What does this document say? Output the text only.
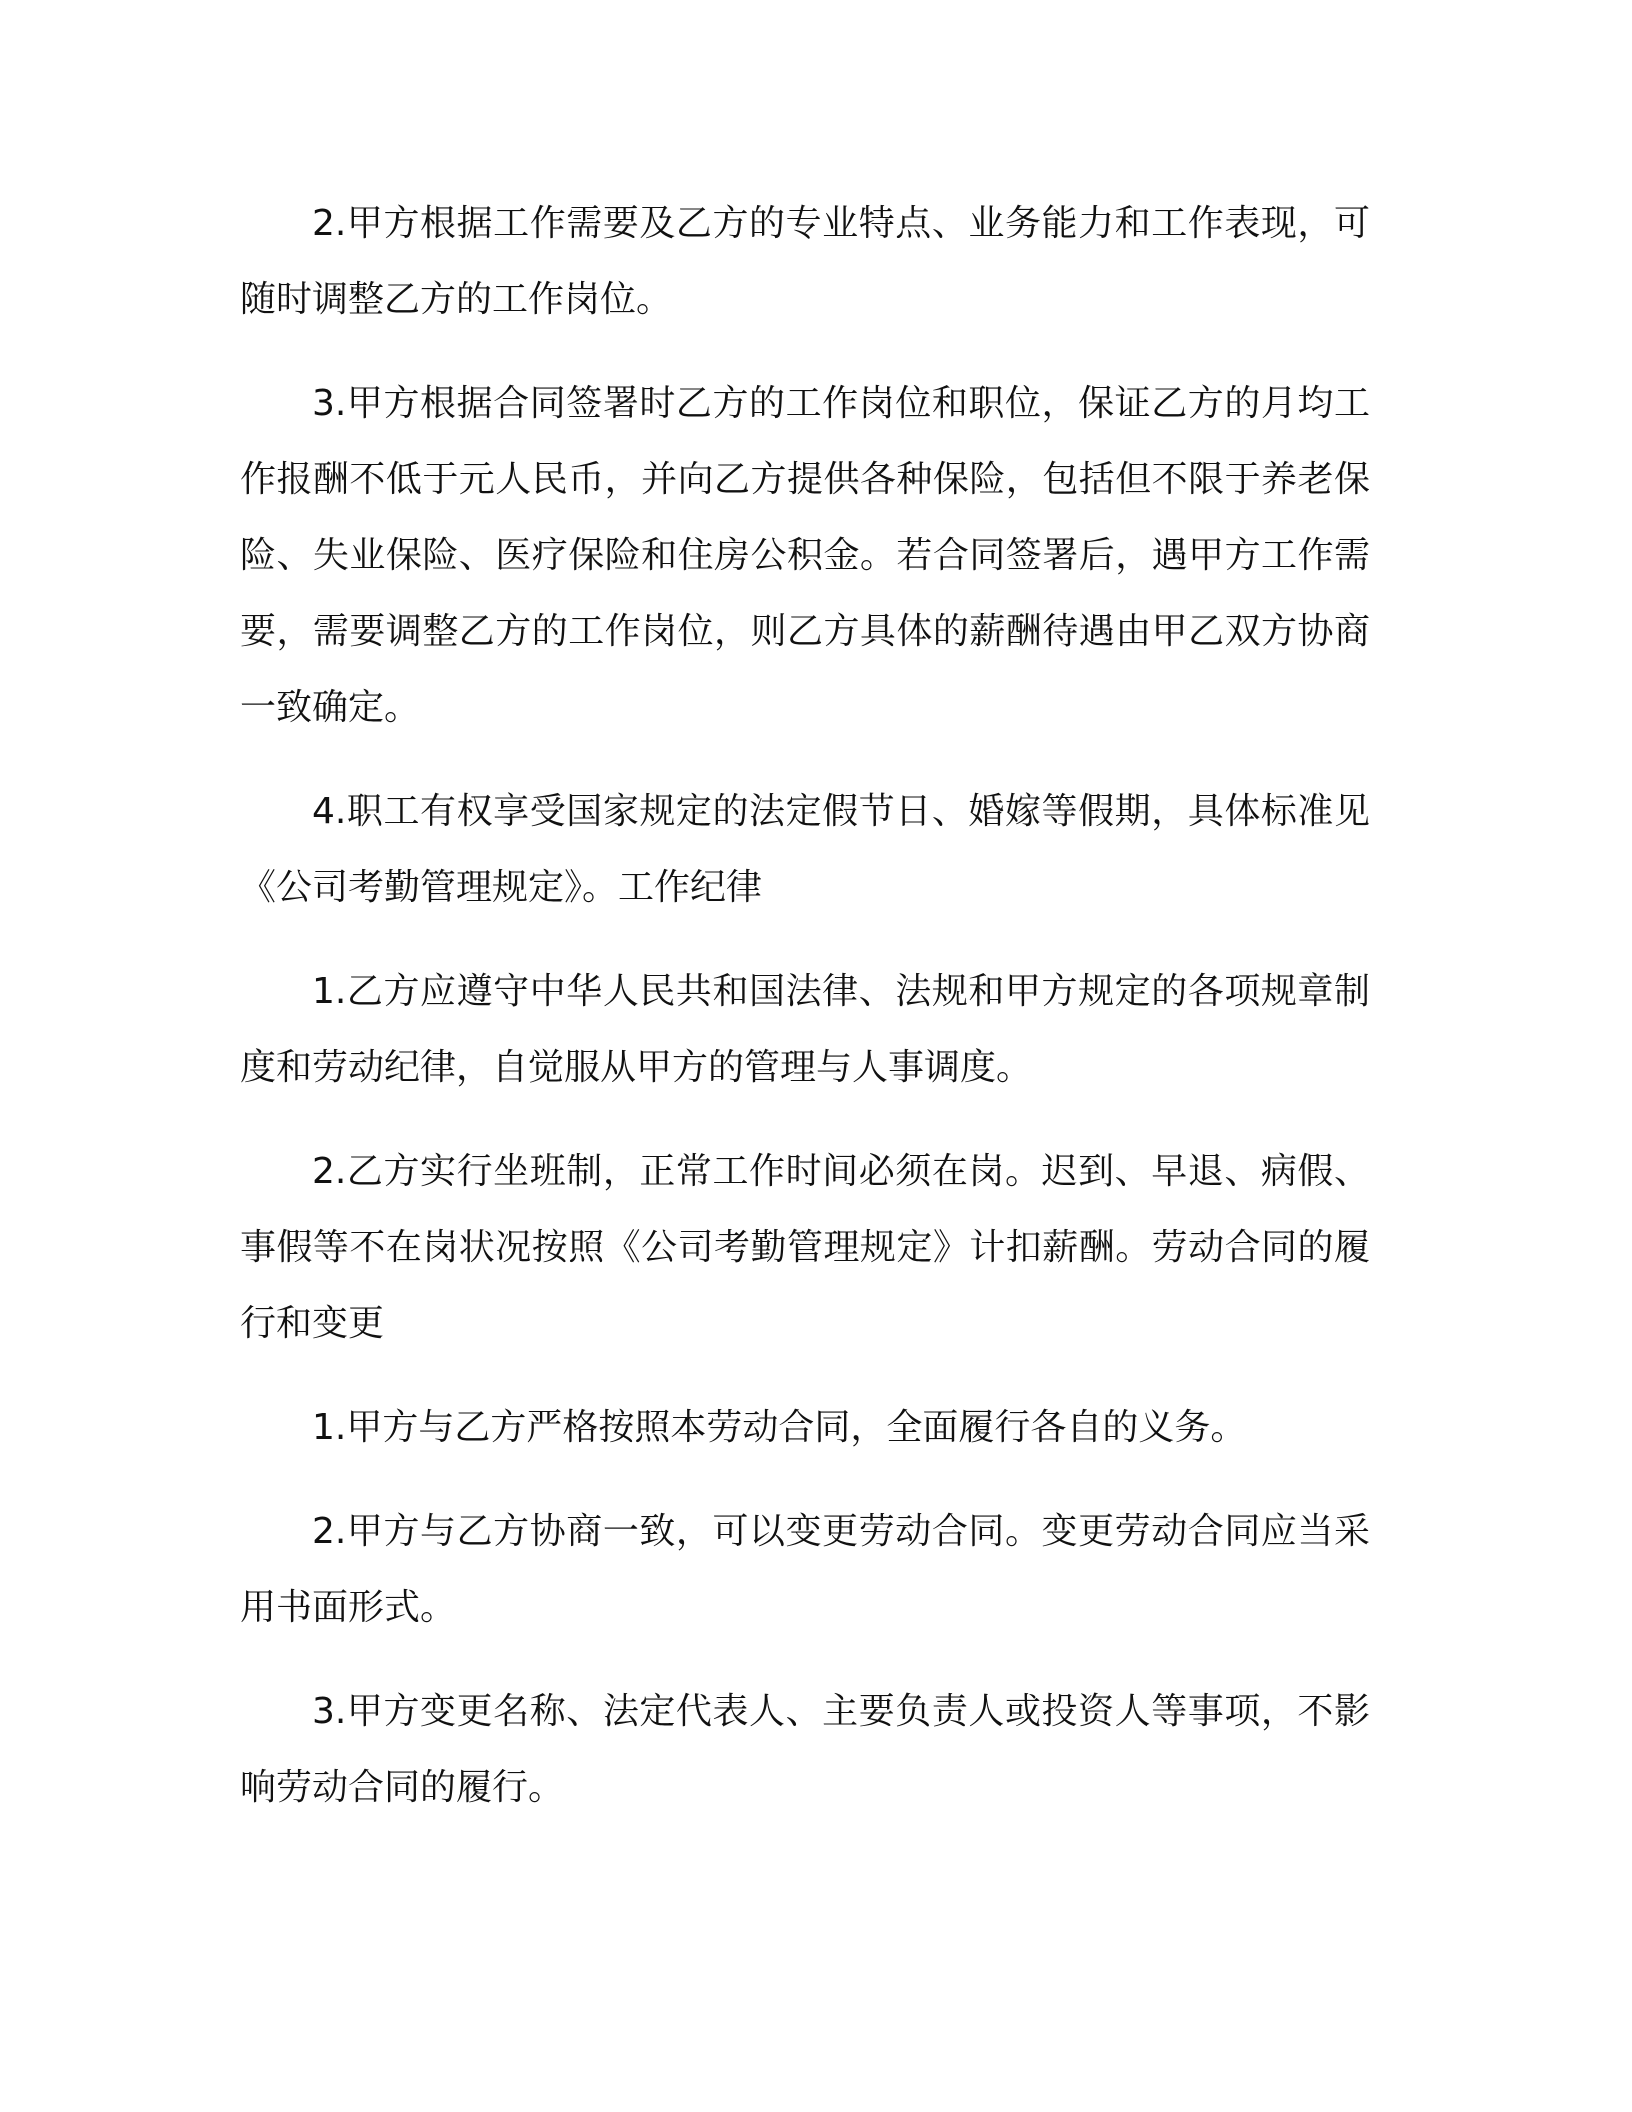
2.甲方根据工作需要及乙方的专业特点、业务能力和工作表现，可随时调整乙方的工作岗位。

3.甲方根据合同签署时乙方的工作岗位和职位，保证乙方的月均工作报酬不低于元人民币，并向乙方提供各种保险，包括但不限于养老保险、失业保险、医疗保险和住房公积金。若合同签署后，遇甲方工作需要，需要调整乙方的工作岗位，则乙方具体的薪酬待遇由甲乙双方协商一致确定。

4.职工有权享受国家规定的法定假节日、婚嫁等假期，具体标准见《公司考勤管理规定》。工作纪律

1.乙方应遵守中华人民共和国法律、法规和甲方规定的各项规章制度和劳动纪律，自觉服从甲方的管理与人事调度。

2.乙方实行坐班制，正常工作时间必须在岗。迟到、早退、病假、事假等不在岗状况按照《公司考勤管理规定》计扣薪酬。劳动合同的履行和变更

1.甲方与乙方严格按照本劳动合同，全面履行各自的义务。

2.甲方与乙方协商一致，可以变更劳动合同。变更劳动合同应当采用书面形式。

3.甲方变更名称、法定代表人、主要负责人或投资人等事项，不影响劳动合同的履行。
